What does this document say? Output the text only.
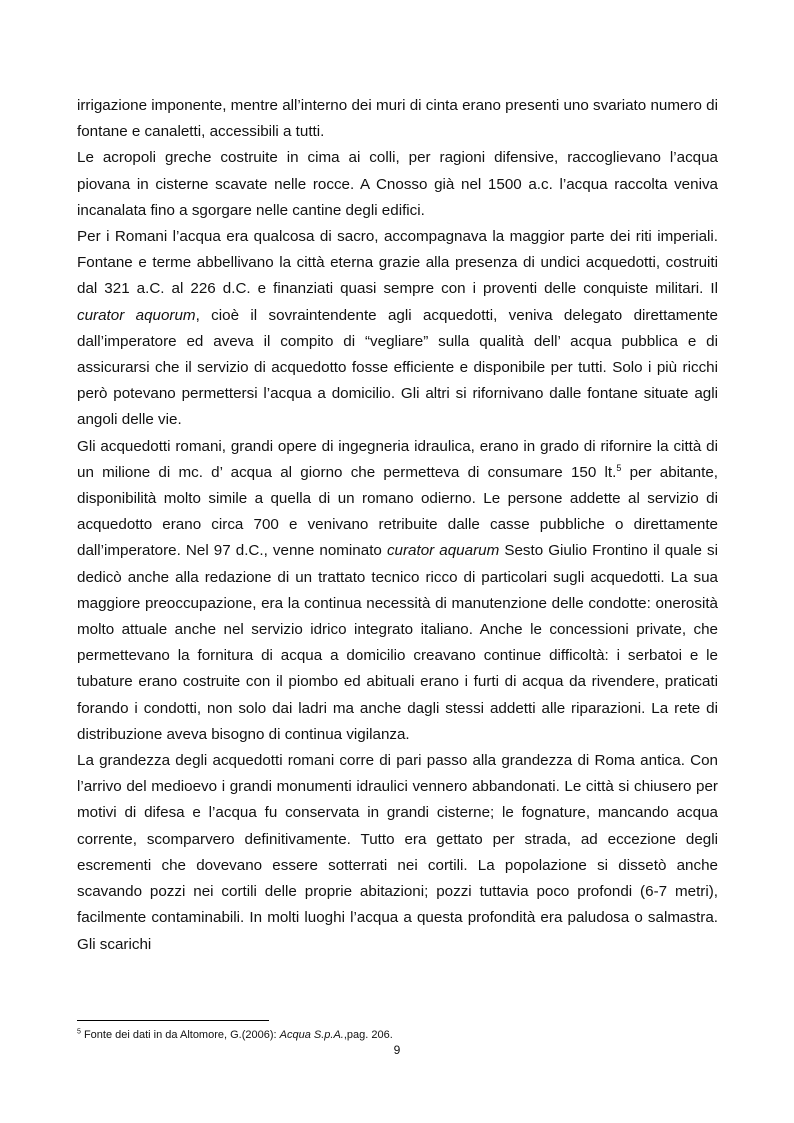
irrigazione imponente, mentre all’interno dei muri di cinta erano presenti uno svariato numero di fontane e canaletti, accessibili a tutti.

Le acropoli greche costruite in cima ai colli, per ragioni difensive, raccoglievano l’acqua piovana in cisterne scavate nelle rocce. A Cnosso già nel 1500 a.c. l’acqua raccolta veniva incanalata fino a sgorgare nelle cantine degli edifici.

Per i Romani l’acqua era qualcosa di sacro, accompagnava la maggior parte dei riti imperiali. Fontane e terme abbellivano la città eterna grazie alla presenza di undici acquedotti, costruiti dal 321 a.C. al 226 d.C. e finanziati quasi sempre con i proventi delle conquiste militari. Il curator aquorum, cioè il sovraintendente agli acquedotti, veniva delegato direttamente dall’imperatore ed aveva il compito di “vegliare” sulla qualità dell’ acqua pubblica e di assicurarsi che il servizio di acquedotto fosse efficiente e disponibile per tutti. Solo i più ricchi però potevano permettersi l’acqua a domicilio. Gli altri si rifornivano dalle fontane situate agli angoli delle vie.

Gli acquedotti romani, grandi opere di ingegneria idraulica, erano in grado di rifornire la città di un milione di mc. d’ acqua al giorno che permetteva di consumare 150 lt.$^5$ per abitante, disponibilità molto simile a quella di un romano odierno. Le persone addette al servizio di acquedotto erano circa 700 e venivano retribuite dalle casse pubbliche o direttamente dall’imperatore. Nel 97 d.C., venne nominato curator aquarum Sesto Giulio Frontino il quale si dedicò anche alla redazione di un trattato tecnico ricco di particolari sugli acquedotti. La sua maggiore preoccupazione, era la continua necessità di manutenzione delle condotte: onerosità molto attuale anche nel servizio idrico integrato italiano. Anche le concessioni private, che permettevano la fornitura di acqua a domicilio creavano continue difficoltà: i serbatoi e le tubature erano costruite con il piombo ed abituali erano i furti di acqua da rivendere, praticati forando i condotti, non solo dai ladri ma anche dagli stessi addetti alle riparazioni. La rete di distribuzione aveva bisogno di continua vigilanza.

La grandezza degli acquedotti romani corre di pari passo alla grandezza di Roma antica. Con l’arrivo del medioevo i grandi monumenti idraulici vennero abbandonati. Le città si chiusero per motivi di difesa e l’acqua fu conservata in grandi cisterne; le fognature, mancando acqua corrente, scomparvero definitivamente. Tutto era gettato per strada, ad eccezione degli escrementi che dovevano essere sotterrati nei cortili. La popolazione si dissetò anche scavando pozzi nei cortili delle proprie abitazioni; pozzi tuttavia poco profondi (6-7 metri), facilmente contaminabili. In molti luoghi l’acqua a questa profondità era paludosa o salmastra. Gli scarichi

$^5$ Fonte dei dati in da Altomore, G.(2006): Acqua S.p.A.,pag. 206.

9
